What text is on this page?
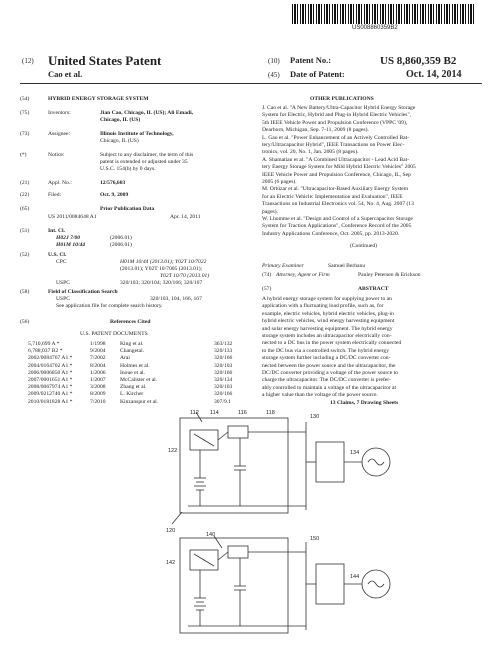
US008860359B2
(12) United States Patent
Cao et al.
(10) Patent No.:	US 8,860,359 B2
(45) Date of Patent:	Oct. 14, 2014
(54)	HYBRID ENERGY STORAGE SYSTEM
(75)	Inventors:	Jian Cao, Chicago, IL (US); Ali Emadi,
Chicago, IL (US)
(73)	Assignee:	Illinois Institute of Technology,
Chicago, IL (US)
(*)	Notice:	Subject to any disclaimer, the term of this
patent is extended or adjusted under 35
U.S.C. 154(b) by 0 days.
(21)	Appl. No.:	12/576,603
(22)	Filed:	Oct. 9, 2009
(65)	Prior Publication Data
US 2011/0084648 A1	Apr. 14, 2011
(51)	Int. Cl.
H02J 7/00	(2006.01)
H01M 10/44	(2006.01)
(52)	U.S. Cl.
CPC	H01M 10/44 (2013.01); Y02T 10/7022
(2013.01); Y02T 10/7005 (2013.01);
Y02T 10/70 (2013.01)
USPC	320/103; 320/104; 320/166; 320/167
(58)	Field of Classification Search
USPC	320/103, 104, 166, 167
See application file for complete search history.
(56)	References Cited
U.S. PATENT DOCUMENTS
5,710,699 A *	1/1998	King et al.	363/132
6,788,037 B2 *	9/2004	Changetal.	320/133
2002/0084767 A1 *	7/2002	Arai	320/166
2004/0164702 A1 *	8/2004	Holmes et al.	320/103
2006/0006850 A1 *	1/2006	Inoue et al.	320/166
2007/0001651 A1 *	1/2007	McCalister et al.	320/134
2008/0067974 A1 *	3/2008	Zhang et al.	320/103
2009/0212740 A1 *	8/2009	L. Kircher	320/166
2010/0181828 A1 *	7/2010	Kinzanspur et al.	307/9.1
OTHER PUBLICATIONS
J. Cao et al. "A New Battery/Ultra-Capacitor Hybrid Energy Storage
System for Electric, Hybrid and Plug-in Hybrid Electric Vehicles",
5th IEEE Vehicle Power and Propulsion Conference (VPPC '09),
Dearborn, Michigan, Sep. 7-11, 2009 (8 pages).
L. Gao et al. "Power Enhancement of an Actively Controlled Bat-
tery/Ultracapacitor Hybrid", IEEE Transactions on Power Elec-
tronics, vol. 20, No. 1, Jan. 2005 (8 pages).
A. Shamatian et al. "A Combined Ultracapacitor - Lead Acid Bat-
tery Energy Storage System for Mild Hybrid Electric Vehicles" 2005
IEEE Vehicle Power and Propulsion Conference, Chicago, IL, Sep
2005 (6 pages).
M. Ortúzar et al. "Ultracapacitor-Based Auxiliary Energy System
for an Electric Vehicle: Implementation and Evaluation", IEEE
Transactions on Industrial Electronics vol. 54, No. 4, Aug. 2007 (13
pages).
W. Lhomme et al. "Design and Control of a Supercapacitor Storage
System for Traction Applications", Conference Record of the 2005
Industry Applications Conference, Oct. 2005, pp. 2013-2020.
(Continued)
Primary Examiner	Samuel Berhanu
(74) Attorney, Agent or Firm	Pauley Petersen & Erickson
(57)	ABSTRACT
A hybrid energy storage system for supplying power to an
application with a fluctuating load profile, such as, for
example, electric vehicles, hybrid electric vehicles, plug-in
hybrid electric vehicles, wind energy harvesting equipment
and solar energy harvesting equipment. The hybrid energy
storage system includes an ultracapacitor electrically con-
nected to a DC bus in the power system electrically connected
to the DC bus via a controlled switch. The hybrid energy
storage system further including a DC/DC converter con-
nected between the power source and the ultracapacitor, the
DC/DC converter providing a voltage of the power source to
charge the ultracapacitor. The DC/DC converter is prefer-
ably controlled to maintain a voltage of the ultracapacitor at
a higher value than the voltage of the power source.
13 Claims, 7 Drawing Sheets
120
112 114	116	118
122
130
134
140
150
142
144
